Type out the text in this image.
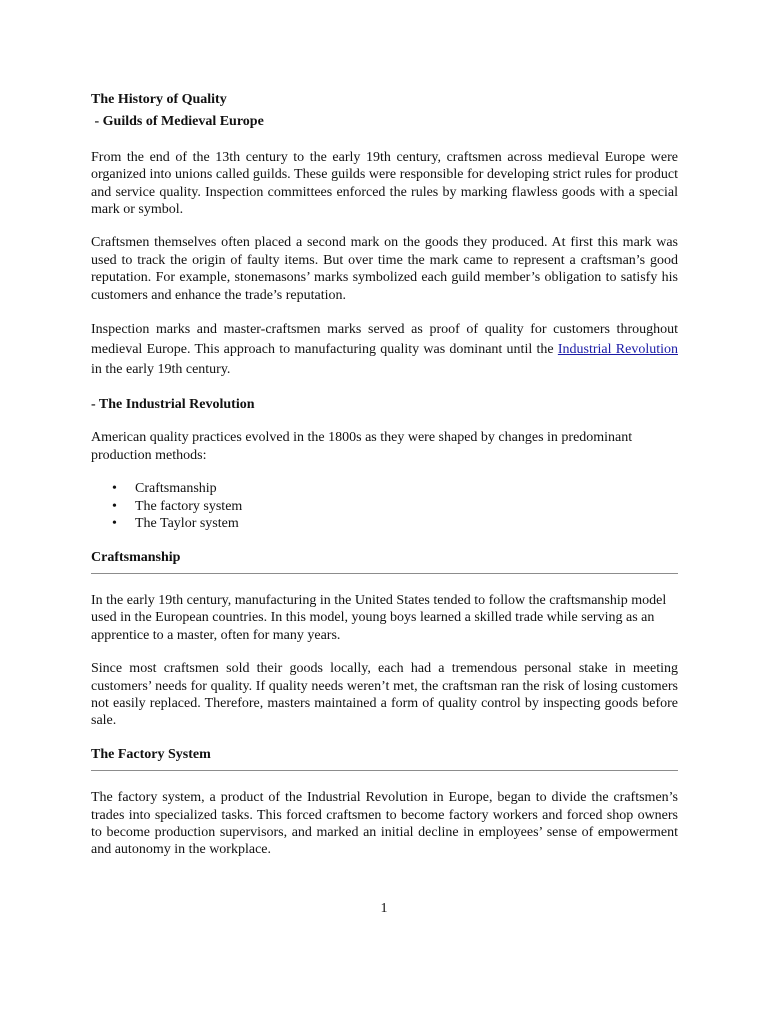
The History of Quality
- Guilds of Medieval Europe

From the end of the 13th century to the early 19th century, craftsmen across medieval Europe were organized into unions called guilds. These guilds were responsible for developing strict rules for product and service quality. Inspection committees enforced the rules by marking flawless goods with a special mark or symbol.

Craftsmen themselves often placed a second mark on the goods they produced. At first this mark was used to track the origin of faulty items. But over time the mark came to represent a craftsman’s good reputation. For example, stonemasons’ marks symbolized each guild member’s obligation to satisfy his customers and enhance the trade’s reputation.

Inspection marks and master-craftsmen marks served as proof of quality for customers throughout medieval Europe. This approach to manufacturing quality was dominant until the Industrial Revolution in the early 19th century.

- The Industrial Revolution

American quality practices evolved in the 1800s as they were shaped by changes in predominant production methods:

• Craftsmanship
• The factory system
• The Taylor system
Craftsmanship

In the early 19th century, manufacturing in the United States tended to follow the craftsmanship model used in the European countries. In this model, young boys learned a skilled trade while serving as an apprentice to a master, often for many years.

Since most craftsmen sold their goods locally, each had a tremendous personal stake in meeting customers’ needs for quality. If quality needs weren’t met, the craftsman ran the risk of losing customers not easily replaced. Therefore, masters maintained a form of quality control by inspecting goods before sale.

The Factory System

The factory system, a product of the Industrial Revolution in Europe, began to divide the craftsmen’s trades into specialized tasks. This forced craftsmen to become factory workers and forced shop owners to become production supervisors, and marked an initial decline in employees’ sense of empowerment and autonomy in the workplace.

1
